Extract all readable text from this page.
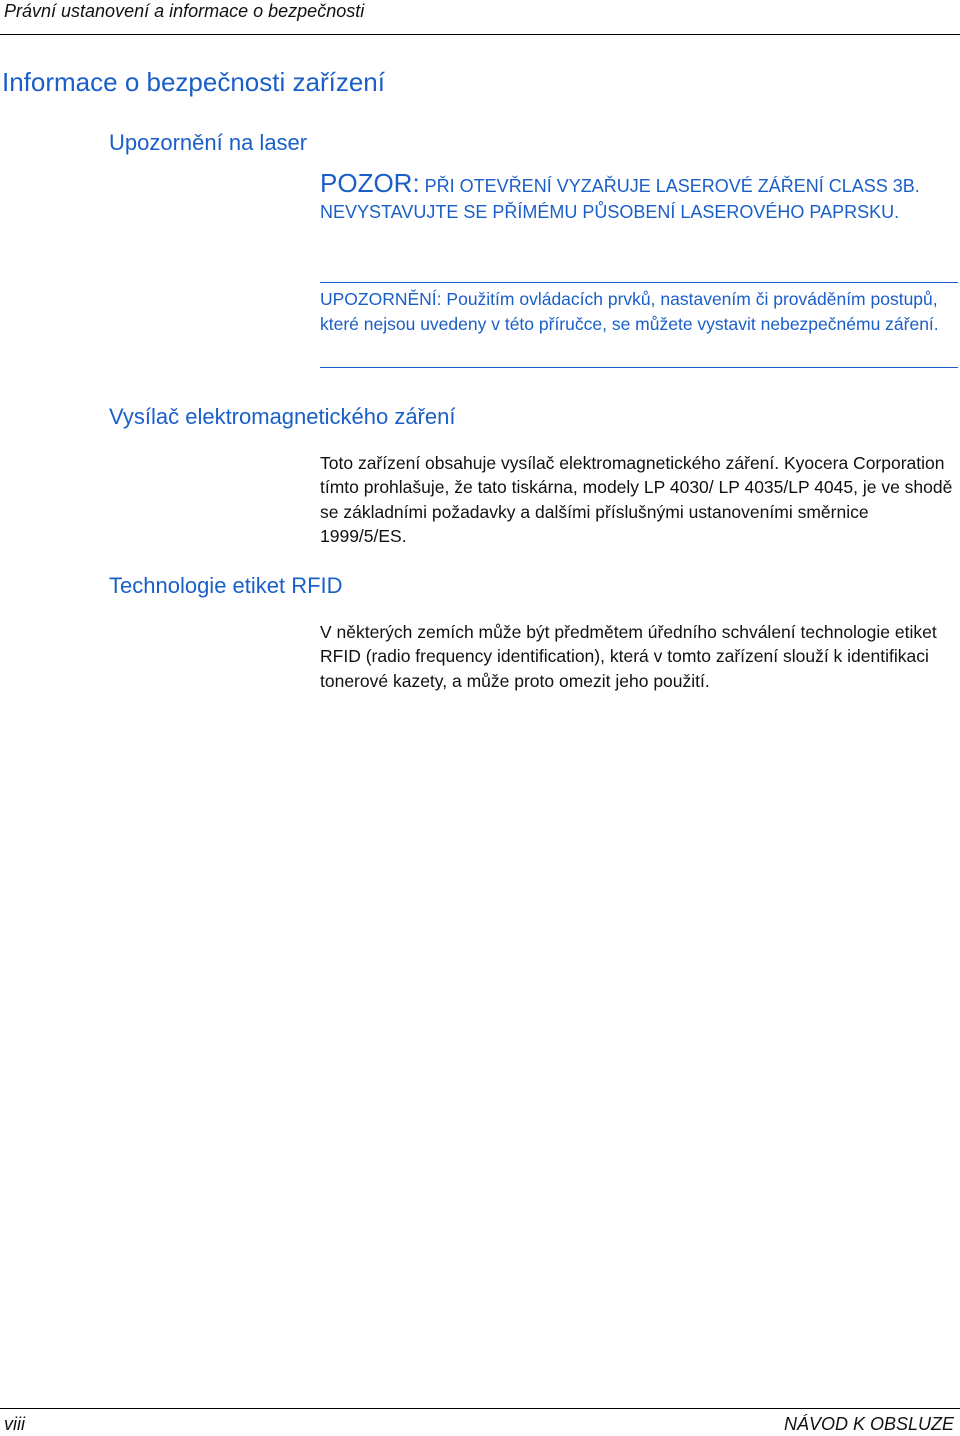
Právní ustanovení a informace o bezpečnosti
Informace o bezpečnosti zařízení
Upozornění na laser
POZOR: PŘI OTEVŘENÍ VYZAŘUJE LASEROVÉ ZÁŘENÍ CLASS 3B. NEVYSTAVUJTE SE PŘÍMÉMU PŮSOBENÍ LASEROVÉHO PAPRSKU.
UPOZORNĚNÍ: Použitím ovládacích prvků, nastavením či prováděním postupů, které nejsou uvedeny v této příručce, se můžete vystavit nebezpečnému záření.
Vysílač elektromagnetického záření
Toto zařízení obsahuje vysílač elektromagnetického záření. Kyocera Corporation tímto prohlašuje, že tato tiskárna, modely LP 4030/ LP 4035/LP 4045, je ve shodě se základními požadavky a dalšími příslušnými ustanoveními směrnice 1999/5/ES.
Technologie etiket RFID
V některých zemích může být předmětem úředního schválení technologie etiket RFID (radio frequency identification), která v tomto zařízení slouží k identifikaci tonerové kazety, a může proto omezit jeho použití.
viii	NÁVOD K OBSLUZE
